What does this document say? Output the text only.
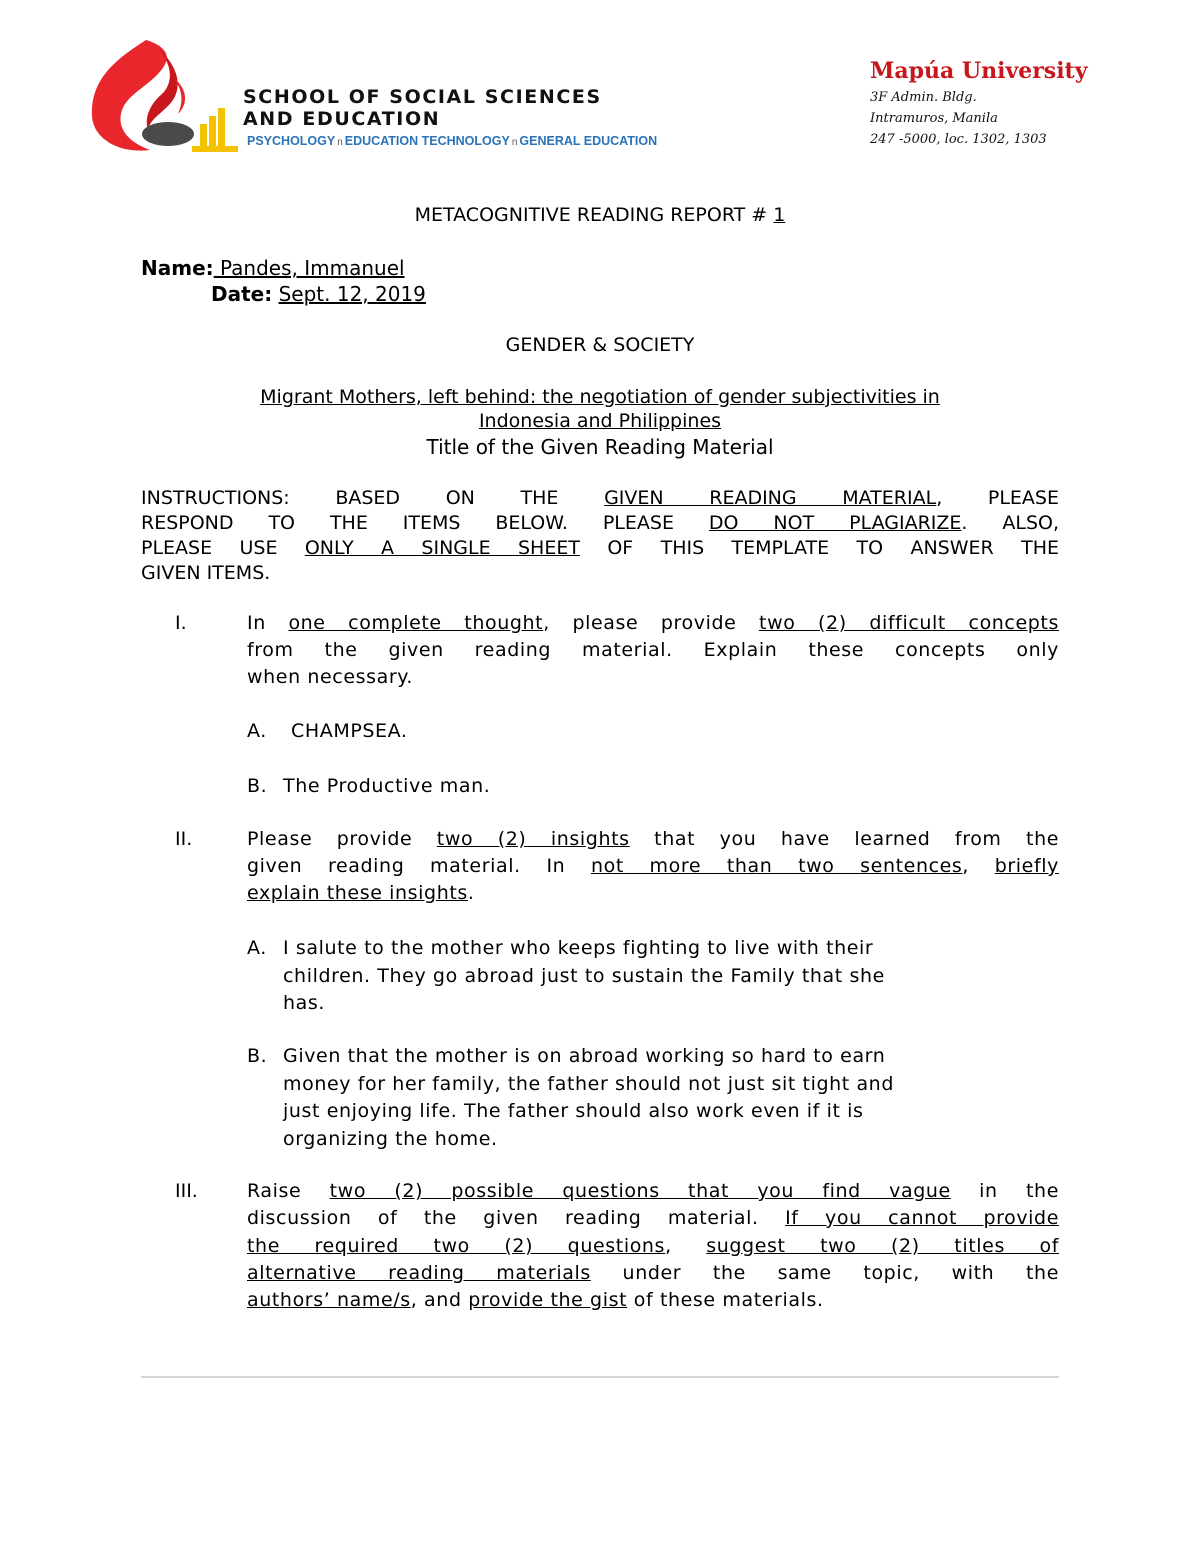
SCHOOL OF SOCIAL SCIENCES
AND EDUCATION
PSYCHOLOGY n EDUCATION TECHNOLOGY n GENERAL EDUCATION
Mapúa University
3F Admin. Bldg.
Intramuros, Manila
247 -5000, loc. 1302, 1303
METACOGNITIVE READING REPORT # 1
Name: Pandes, Immanuel
Date: Sept. 12, 2019
GENDER & SOCIETY
Migrant Mothers, left behind: the negotiation of gender subjectivities in
Indonesia and Philippines
Title of the Given Reading Material
INSTRUCTIONS: BASED ON THE GIVEN READING MATERIAL, PLEASE
RESPOND TO THE ITEMS BELOW. PLEASE DO NOT PLAGIARIZE. ALSO,
PLEASE USE ONLY A SINGLE SHEET OF THIS TEMPLATE TO ANSWER THE
GIVEN ITEMS.
I.	In one complete thought, please provide two (2) difficult concepts
from the given reading material. Explain these concepts only
when necessary.
A. CHAMPSEA.
B. The Productive man.
II.	Please provide two (2) insights that you have learned from the
given reading material. In not more than two sentences, briefly
explain these insights.
A. I salute to the mother who keeps fighting to live with their
children. They go abroad just to sustain the Family that she
has.
B. Given that the mother is on abroad working so hard to earn
money for her family, the father should not just sit tight and
just enjoying life. The father should also work even if it is
organizing the home.
III.	Raise two (2) possible questions that you find vague in the
discussion of the given reading material. If you cannot provide
the required two (2) questions, suggest two (2) titles of
alternative reading materials under the same topic, with the
authors’ name/s, and provide the gist of these materials.
